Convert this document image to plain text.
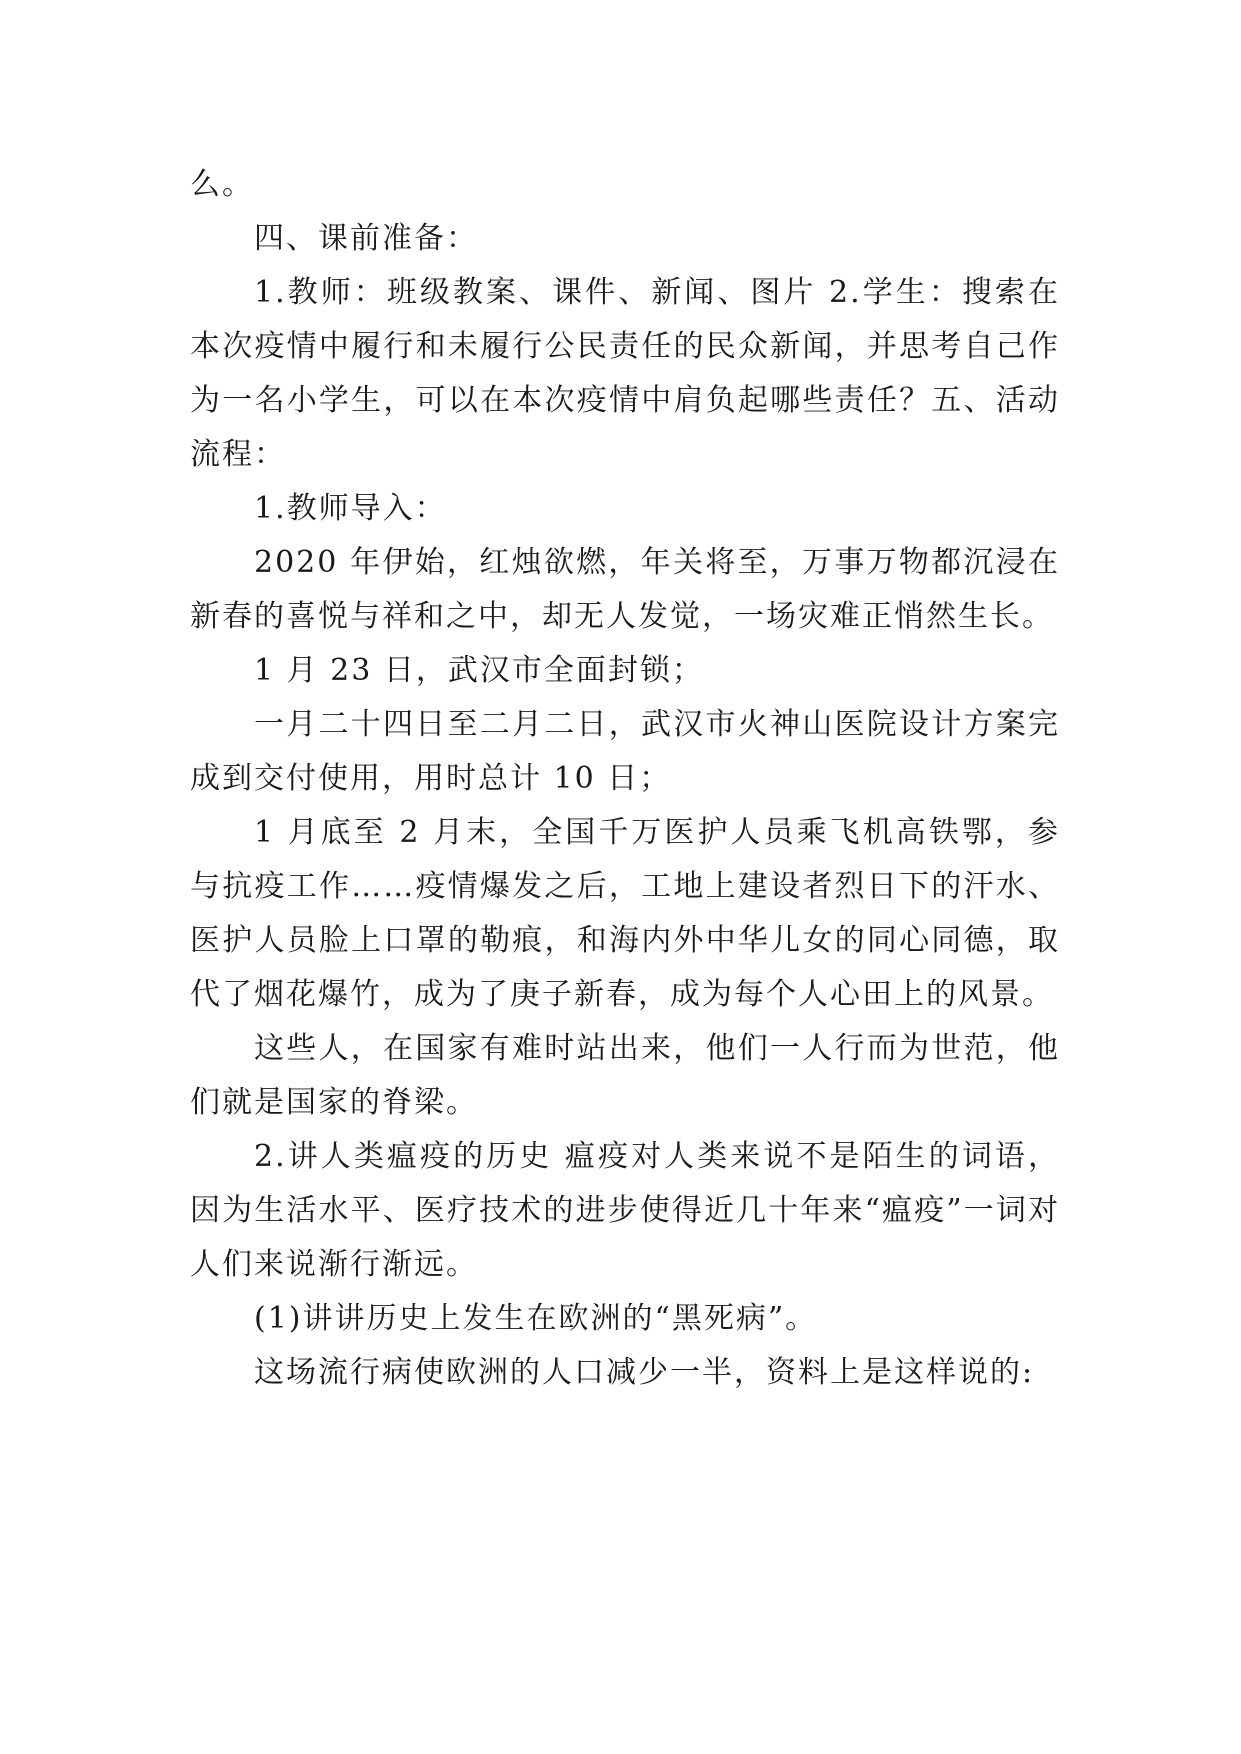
么。

四、课前准备：

1.教师：班级教案、课件、新闻、图片 2.学生：搜索在本次疫情中履行和未履行公民责任的民众新闻，并思考自己作为一名小学生，可以在本次疫情中肩负起哪些责任？五、活动流程：

1.教师导入：

2020 年伊始，红烛欲燃，年关将至，万事万物都沉浸在新春的喜悦与祥和之中，却无人发觉，一场灾难正悄然生长。

1 月 23 日，武汉市全面封锁；

一月二十四日至二月二日，武汉市火神山医院设计方案完成到交付使用，用时总计 10 日；

1 月底至 2 月末，全国千万医护人员乘飞机高铁鄂，参与抗疫工作……疫情爆发之后，工地上建设者烈日下的汗水、医护人员脸上口罩的勒痕，和海内外中华儿女的同心同德，取代了烟花爆竹，成为了庚子新春，成为每个人心田上的风景。

这些人，在国家有难时站出来，他们一人行而为世范，他们就是国家的脊梁。

2.讲人类瘟疫的历史 瘟疫对人类来说不是陌生的词语，因为生活水平、医疗技术的进步使得近几十年来“瘟疫”一词对人们来说渐行渐远。

(1)讲讲历史上发生在欧洲的“黑死病”。

这场流行病使欧洲的人口减少一半，资料上是这样说的:
